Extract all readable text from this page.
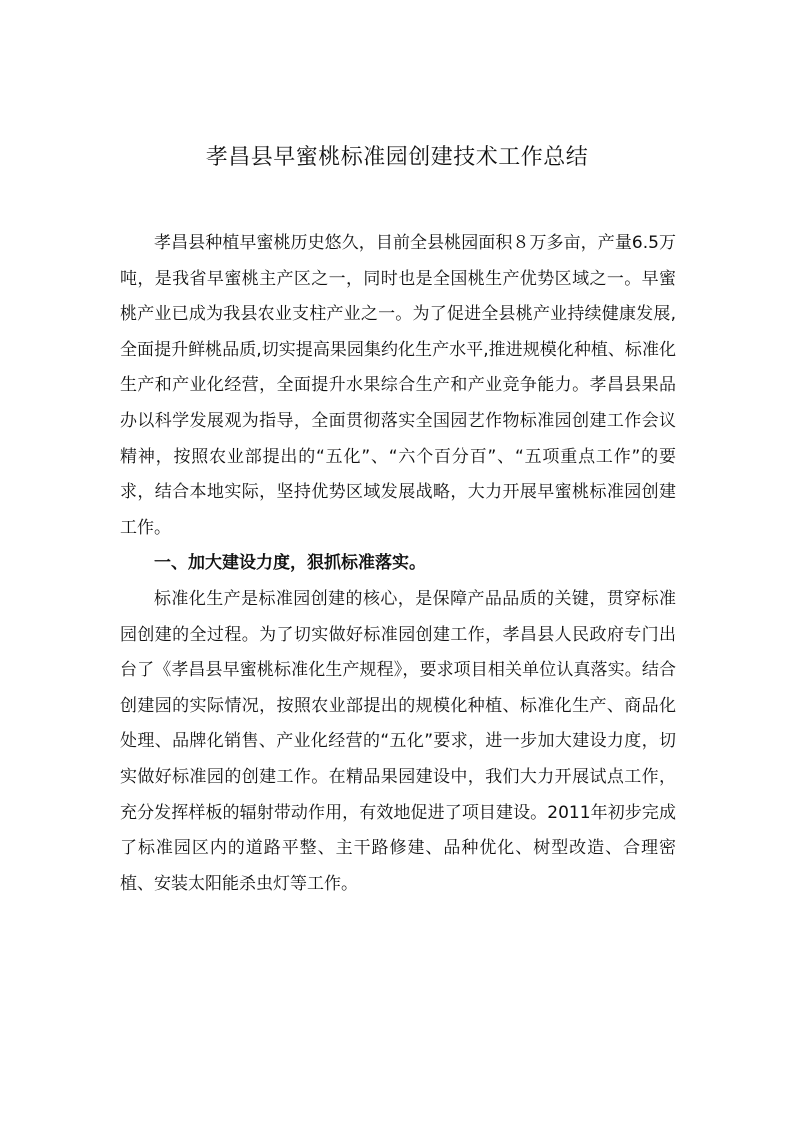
孝昌县早蜜桃标准园创建技术工作总结

孝昌县种植早蜜桃历史悠久，目前全县桃园面积８万多亩，产量6.5万吨，是我省早蜜桃主产区之一，同时也是全国桃生产优势区域之一。早蜜桃产业已成为我县农业支柱产业之一。为了促进全县桃产业持续健康发展,全面提升鲜桃品质,切实提高果园集约化生产水平,推进规模化种植、标准化生产和产业化经营，全面提升水果综合生产和产业竞争能力。孝昌县果品办以科学发展观为指导，全面贯彻落实全国园艺作物标准园创建工作会议精神，按照农业部提出的“五化”、“六个百分百”、“五项重点工作”的要求，结合本地实际，坚持优势区域发展战略，大力开展早蜜桃标准园创建工作。

一、加大建设力度，狠抓标准落实。

标准化生产是标准园创建的核心，是保障产品品质的关键，贯穿标准园创建的全过程。为了切实做好标准园创建工作，孝昌县人民政府专门出台了《孝昌县早蜜桃标准化生产规程》，要求项目相关单位认真落实。结合创建园的实际情况，按照农业部提出的规模化种植、标准化生产、商品化处理、品牌化销售、产业化经营的“五化”要求，进一步加大建设力度，切实做好标准园的创建工作。在精品果园建设中，我们大力开展试点工作，充分发挥样板的辐射带动作用，有效地促进了项目建设。2011年初步完成了标准园区内的道路平整、主干路修建、品种优化、树型改造、合理密植、安装太阳能杀虫灯等工作。
